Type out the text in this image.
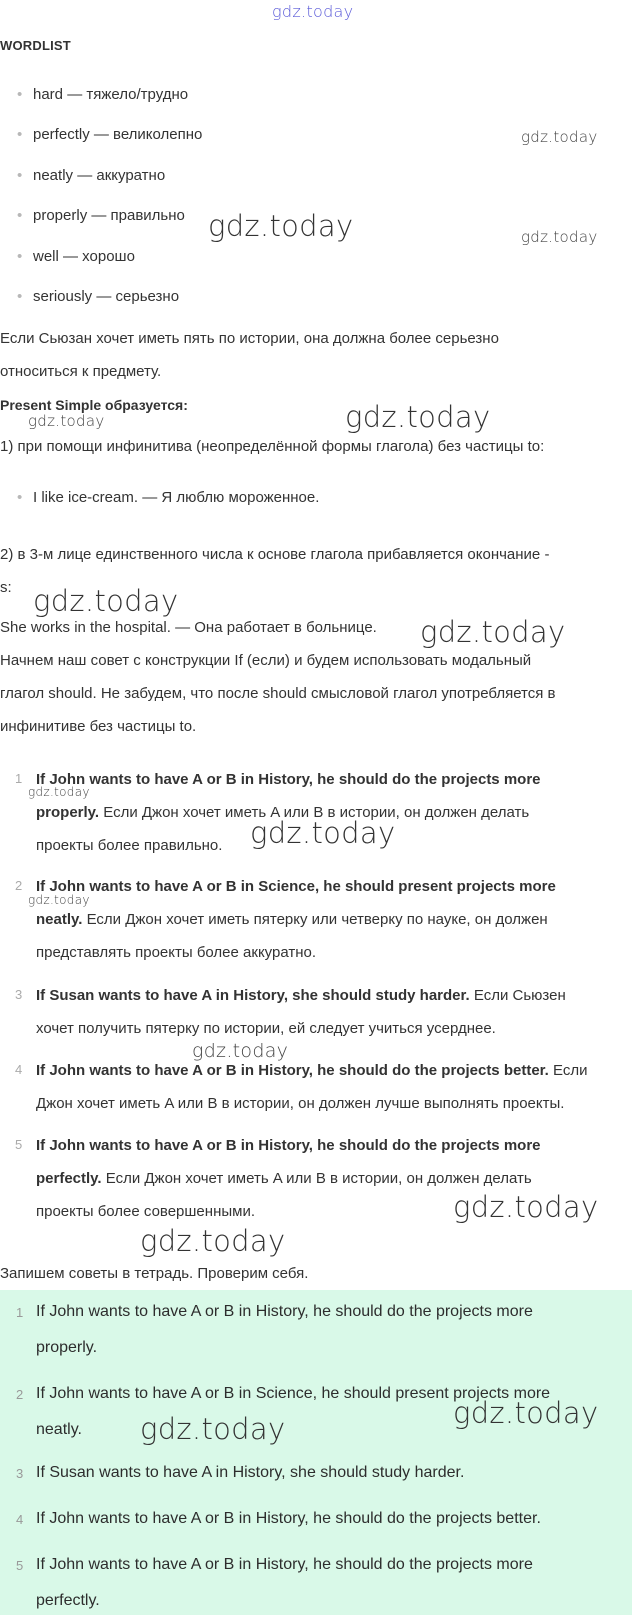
gdz.today
WORDLIST
• hard — тяжело/трудно
• perfectly — великолепно
• neatly — аккуратно
• properly — правильно
• well — хорошо
• seriously — серьезно
gdz.today
gdz.today	gdz.today
Если Сьюзан хочет иметь пять по истории, она должна более серьезно
относиться к предмету.
Present Simple образуется:
gdz.today	gdz.today
1) при помощи инфинитива (неопределённой формы глагола) без частицы to:
• I like ice-cream. — Я люблю мороженное.
2) в 3-м лице единственного числа к основе глагола прибавляется окончание -
s: gdz.today
She works in the hospital. — Она работает в больнице. gdz.today
Начнем наш совет с конструкции If (если) и будем использовать модальный
глагол should. Не забудем, что после should смысловой глагол употребляется в
инфинитиве без частицы to.
1 If John wants to have A or B in History, he should do the projects more
properly. Если Джон хочет иметь A или B в истории, он должен делать
проекты более правильно.
gdz.today
gdz.today
2 If John wants to have A or B in Science, he should present projects more
neatly. Если Джон хочет иметь пятерку или четверку по науке, он должен
представлять проекты более аккуратно.
gdz.today
3 If Susan wants to have A in History, she should study harder. Если Сьюзен
хочет получить пятерку по истории, ей следует учиться усерднее.
gdz.today
4 If John wants to have A or B in History, he should do the projects better. Если
Джон хочет иметь A или B в истории, он должен лучше выполнять проекты.
5 If John wants to have A or B in History, he should do the projects more
perfectly. Если Джон хочет иметь A или B в истории, он должен делать
проекты более совершенными.	gdz.today
gdz.today
Запишем советы в тетрадь. Проверим себя.
1 If John wants to have A or B in History, he should do the projects more
properly.
2 If John wants to have A or B in Science, he should present projects more
neatly.
3 If Susan wants to have A in History, she should study harder.
4 If John wants to have A or B in History, he should do the projects better.
5 If John wants to have A or B in History, he should do the projects more
perfectly.
gdz.today	gdz.today
